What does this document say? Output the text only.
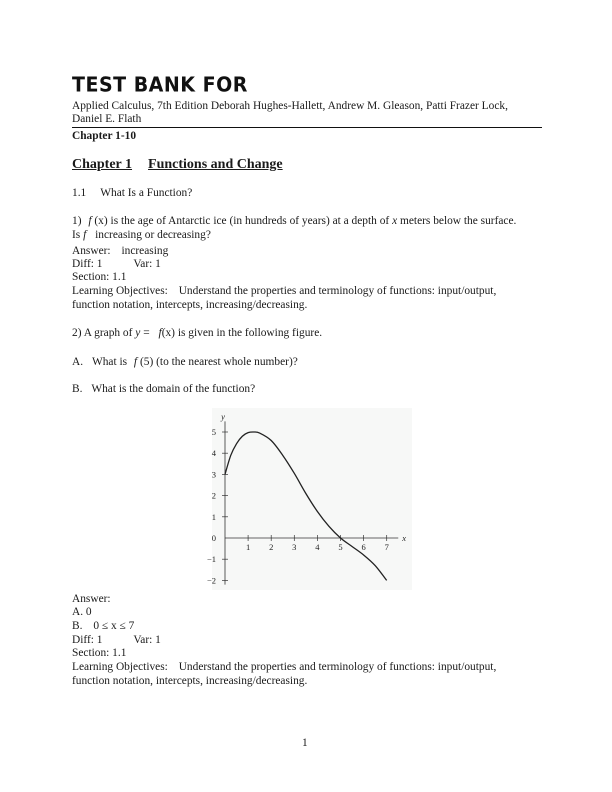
TEST BANK FOR
Applied Calculus, 7th Edition Deborah Hughes-Hallett, Andrew M. Gleason, Patti Frazer Lock,
Daniel E. Flath
Chapter 1-10
Chapter 1 Functions and Change
1.1 What Is a Function?
1) f (x) is the age of Antarctic ice (in hundreds of years) at a depth of x meters below the surface.
Is f increasing or decreasing?
Answer: increasing
Diff: 1	Var: 1
Section: 1.1
Learning Objectives: Understand the properties and terminology of functions: input/output,
function notation, intercepts, increasing/decreasing.
2) A graph of y = f(x) is given in the following figure.
A. What is f (5) (to the nearest whole number)?
B. What is the domain of the function?
y
x
1 2 3 4 5 6 7
−2
−1
0
1
2
3
4
5
Answer:
A. 0
B. 0 ≤ x ≤ 7
Diff: 1	Var: 1
Section: 1.1
Learning Objectives: Understand the properties and terminology of functions: input/output,
function notation, intercepts, increasing/decreasing.
1
